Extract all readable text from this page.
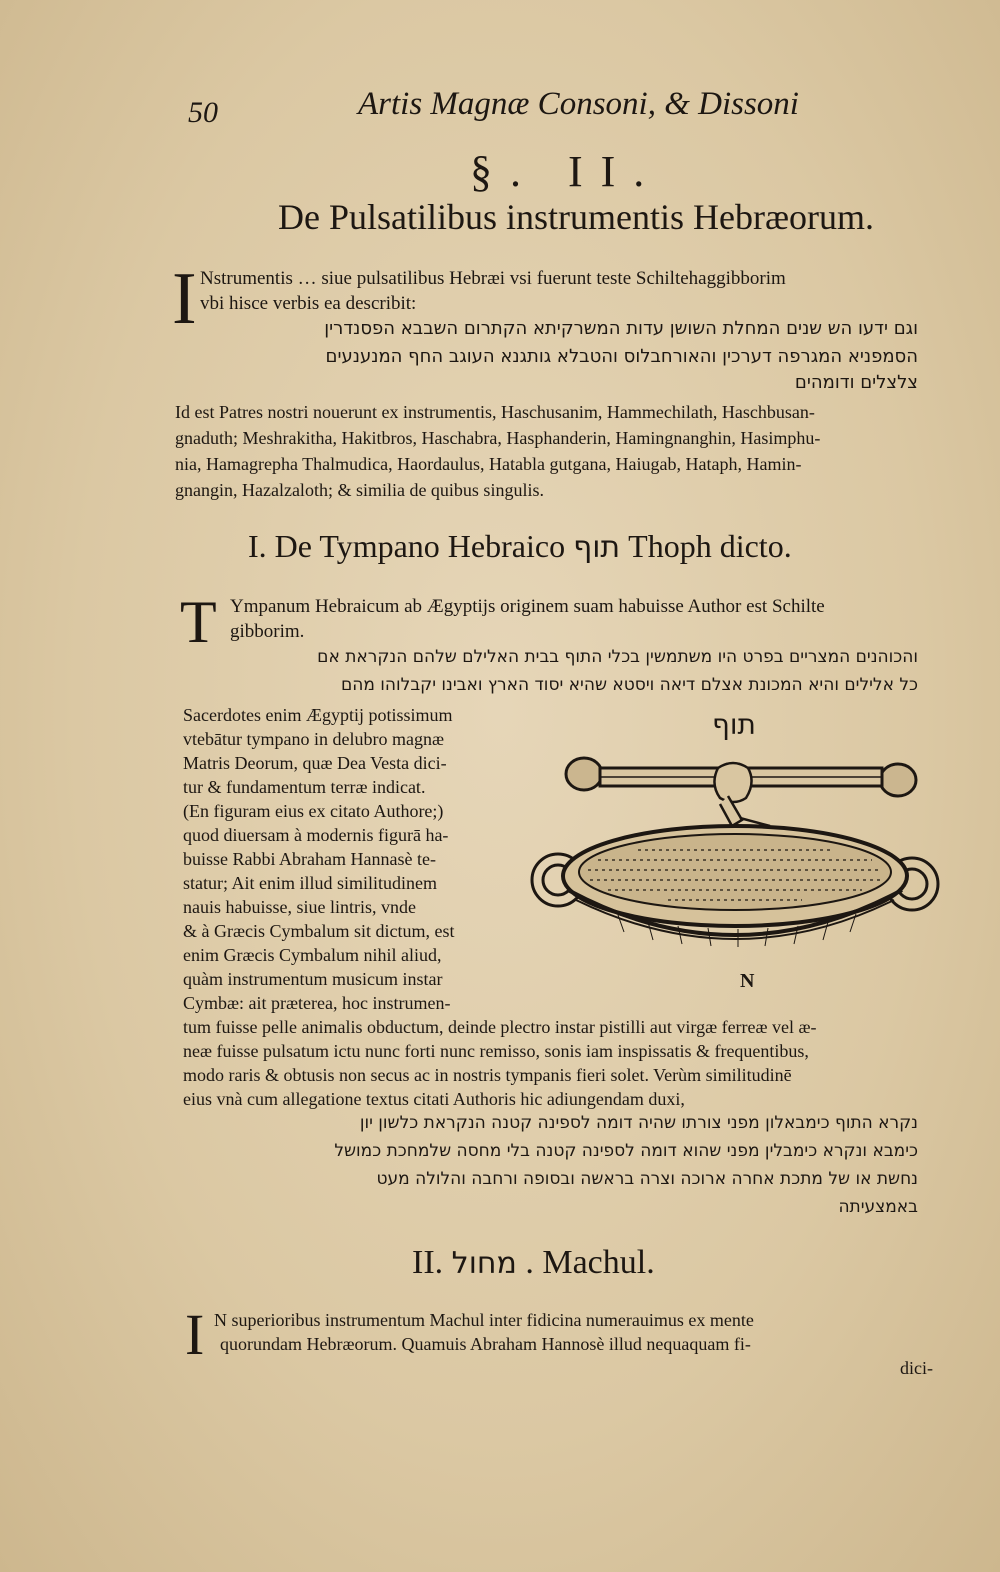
50	Artis Magnæ Consoni, & Dissoni
§. II.
De Pulsatilibus instrumentis Hebræorum.
I Nstrumentis … siue pulsatilibus Hebræi vsi fuerunt teste Schiltehaggibborim
vbi hisce verbis ea describit:
וגם ידעו הש שנים המחלת השושן עדות המשרקיתא הקתרום השבבא הפסנדרין
הסמפניא המגרפה דערכין והאורחבלוס והטבלא גותגנא העוגב החף המנענעים
צלצלים ודומהים
Id est Patres nostri nouerunt ex instrumentis, Haschusanim, Hammechilath, Haschbusan-
gnaduth; Meshrakitha, Hakitbros, Haschabra, Hasphanderin, Hamingnanghin, Hasimphu-
nia, Hamagrepha Thalmudica, Haordaulus, Hatabla gutgana, Haiugab, Hataph, Hamin-
gnangin, Hazalzaloth; & similia de quibus singulis.
I. De Tympano Hebraico תוף Thoph dicto.
T Ympanum Hebraicum ab Ægyptijs originem suam habuisse Author est Schilte
gibborim.
והכוהנים המצריים בפרט היו משתמשין בכלי התוף בבית האלילם שלהם הנקראת אם
כל אלילים והיא המכונת אצלם דיאה ויסטא שהיא יסוד הארץ ואבינו יקבלוהו מהם
Sacerdotes enim Ægyptij potissimum
vtebātur tympano in delubro magnæ
Matris Deorum, quæ Dea Vesta dici-
tur & fundamentum terræ indicat.
(En figuram eius ex citato Authore;)
quod diuersam à modernis figurā ha-
buisse Rabbi Abraham Hannasè te-
statur; Ait enim illud similitudinem
nauis habuisse, siue lintris, vnde
& à Græcis Cymbalum sit dictum, est
enim Græcis Cymbalum nihil aliud,
quàm instrumentum musicum instar
Cymbæ: ait præterea, hoc instrumen-
תוף
N
tum fuisse pelle animalis obductum, deinde plectro instar pistilli aut virgæ ferreæ vel æ-
neæ fuisse pulsatum ictu nunc forti nunc remisso, sonis iam inspissatis & frequentibus,
modo raris & obtusis non secus ac in nostris tympanis fieri solet. Verùm similitudinē
eius vnà cum allegatione textus citati Authoris hic adiungendam duxi,
נקרא התוף כימבאלון מפני צורתו שהיה דומה לספינה קטנה הנקראת כלשון יון
כימבא ונקרא כימבלין מפני שהוא דומה לספינה קטנה בלי מחסה שלמחכת כמושל
נחשת או של מתכת אחרה ארוכה וצרה בראשה ובסופה ורחבה והלולה מעט
באמצעיתה
II. מחול . Machul.
I N superioribus instrumentum Machul inter fidicina numerauimus ex mente
quorundam Hebræorum. Quamuis Abraham Hannosè illud nequaquam fi-
dici-
